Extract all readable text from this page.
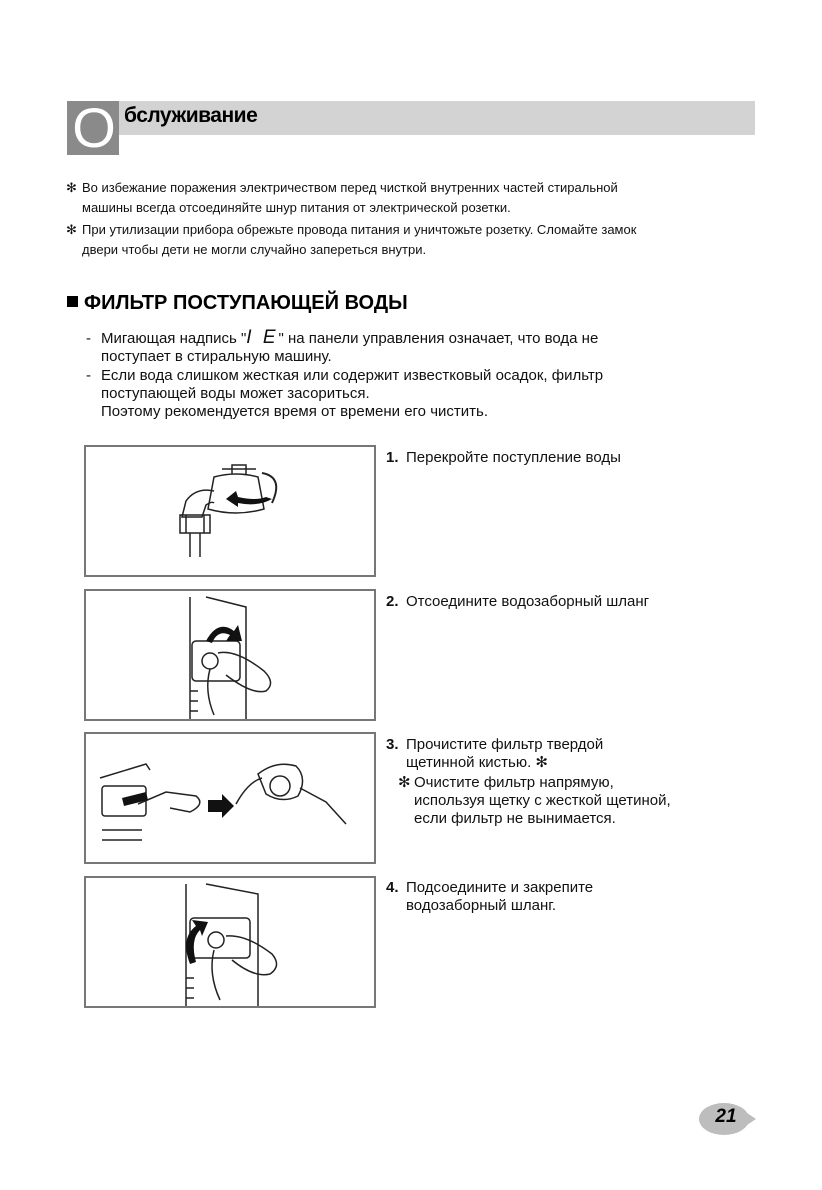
О бслуживание
✻ Во избежание поражения электричеством перед чисткой внутренних частей стиральной
машины всегда отсоединяйте шнур питания от электрической розетки.
✻ При утилизации прибора обрежьте провода питания и уничтожьте розетку. Сломайте замок
двери чтобы дети не могли случайно запереться внутри.
ФИЛЬТР ПОСТУПАЮЩЕЙ ВОДЫ
- Мигающая надпись "I E" на панели управления означает, что вода не
поступает в стиральную машину.
- Если вода слишком жесткая или содержит известковый осадок, фильтр
поступающей воды может засориться.
Поэтому рекомендуется время от времени его чистить.
1. Перекройте поступление воды
2. Отсоедините водозаборный шланг
3. Прочистите фильтр твердой
щетинной кистью. ✻
✻ Очистите фильтр напрямую,
используя щетку с жесткой щетиной,
если фильтр не вынимается.
4. Подсоедините и закрепите
водозаборный шланг.
21
